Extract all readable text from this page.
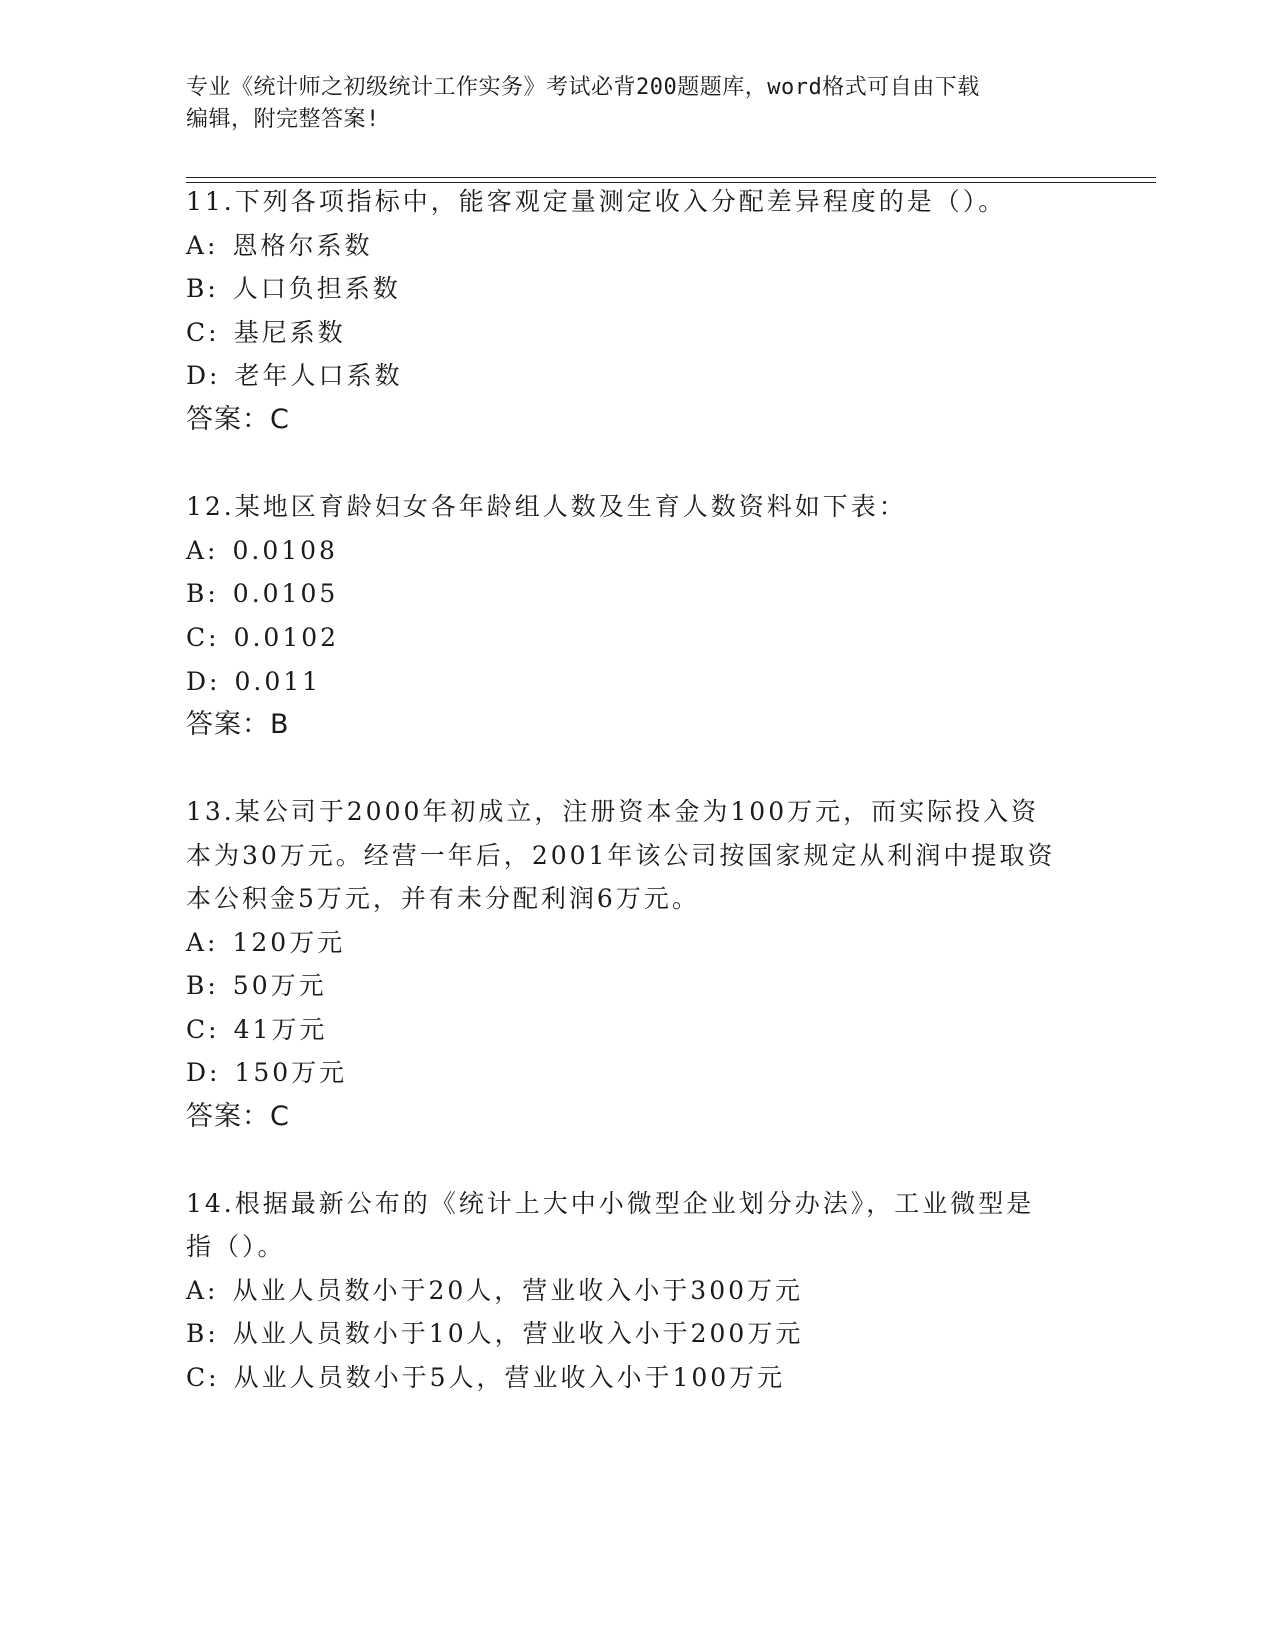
专业《统计师之初级统计工作实务》考试必背200题题库，word格式可自由下载
编辑，附完整答案!
11.下列各项指标中，能客观定量测定收入分配差异程度的是（）。
A: 恩格尔系数
B: 人口负担系数
C: 基尼系数
D: 老年人口系数
答案：C
12.某地区育龄妇女各年龄组人数及生育人数资料如下表：
A: 0.0108
B: 0.0105
C: 0.0102
D: 0.011
答案：B
13.某公司于2000年初成立，注册资本金为100万元，而实际投入资
本为30万元。经营一年后，2001年该公司按国家规定从利润中提取资
本公积金5万元，并有未分配利润6万元。
A: 120万元
B: 50万元
C: 41万元
D: 150万元
答案：C
14.根据最新公布的《统计上大中小微型企业划分办法》，工业微型是
指（）。
A: 从业人员数小于20人，营业收入小于300万元
B: 从业人员数小于10人，营业收入小于200万元
C: 从业人员数小于5人，营业收入小于100万元
